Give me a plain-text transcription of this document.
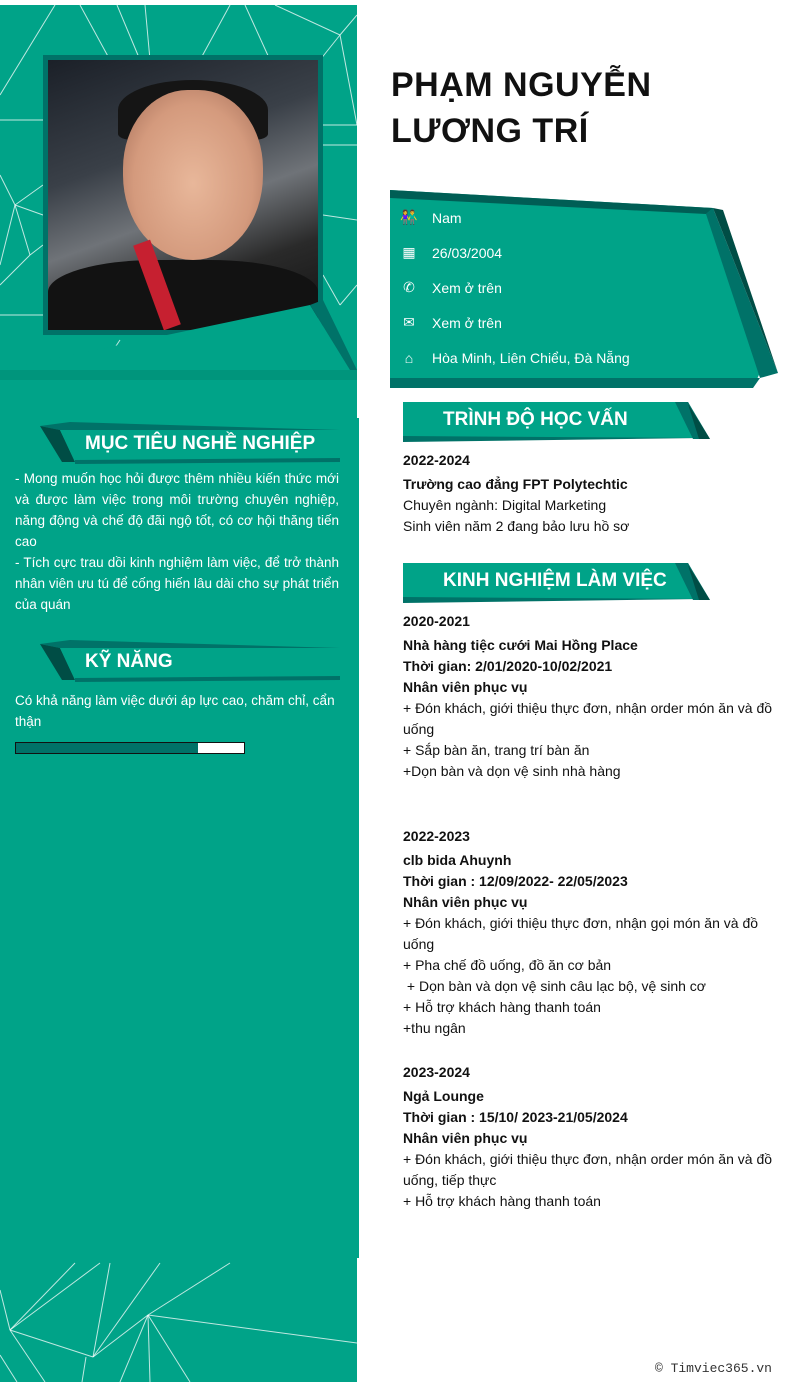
PHẠM NGUYỄN
LƯƠNG TRÍ
👫 Nam
▦	26/03/2004
✆	Xem ở trên
✉	Xem ở trên
⌂	Hòa Minh, Liên Chiểu, Đà Nẵng
MỤC TIÊU NGHỀ NGHIỆP
- Mong muốn học hỏi được thêm nhiều kiến thức mới và được làm việc trong môi trường chuyên nghiệp, năng động và chế độ đãi ngộ tốt, có cơ hội thăng tiến cao
- Tích cực trau dồi kinh nghiệm làm việc, để trở thành nhân viên ưu tú để cống hiến lâu dài cho sự phát triển của quán
KỸ NĂNG
Có khả năng làm việc dưới áp lực cao, chăm chỉ, cẩn thận
TRÌNH ĐỘ HỌC VẤN
2022-2024
Trường cao đẳng FPT Polytechtic
Chuyên ngành: Digital Marketing
Sinh viên năm 2 đang bảo lưu hồ sơ
KINH NGHIỆM LÀM VIỆC
2020-2021
Nhà hàng tiệc cưới Mai Hồng Place
Thời gian: 2/01/2020-10/02/2021
Nhân viên phục vụ
+ Đón khách, giới thiệu thực đơn, nhận order món ăn và đồ uống
+ Sắp bàn ăn, trang trí bàn ăn
+Dọn bàn và dọn vệ sinh nhà hàng
2022-2023
clb bida Ahuynh
Thời gian : 12/09/2022- 22/05/2023
Nhân viên phục vụ
+ Đón khách, giới thiệu thực đơn, nhận gọi món ăn và đồ uống
+ Pha chế đồ uống, đồ ăn cơ bản
+ Dọn bàn và dọn vệ sinh câu lạc bộ, vệ sinh cơ
+ Hỗ trợ khách hàng thanh toán
+thu ngân
2023-2024
Ngả Lounge
Thời gian : 15/10/ 2023-21/05/2024
Nhân viên phục vụ
+ Đón khách, giới thiệu thực đơn, nhận order món ăn và đồ uống, tiếp thực
+ Hỗ trợ khách hàng thanh toán
© Timviec365.vn
